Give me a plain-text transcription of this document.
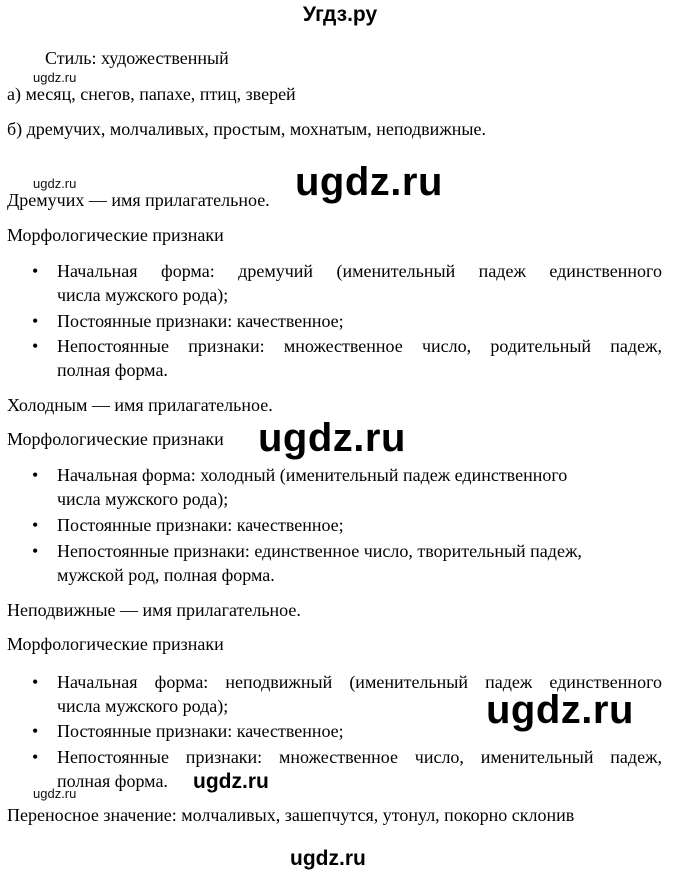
Угдз.ру
Стиль: художественный
ugdz.ru
а) месяц, снегов, папахе, птиц, зверей
б) дремучих, молчаливых, простым, мохнатым, неподвижные.
ugdz.ru	ugdz.ru
Дремучих — имя прилагательное.
Морфологические признаки
• Начальная форма: дремучий (именительный падеж единственного
числа мужского рода);
• Постоянные признаки: качественное;
• Непостоянные признаки: множественное число, родительный падеж,
полная форма.
Холодным — имя прилагательное.
Морфологические признаки ugdz.ru
• Начальная форма: холодный (именительный падеж единственного
числа мужского рода);
• Постоянные признаки: качественное;
• Непостоянные признаки: единственное число, творительный падеж,
мужской род, полная форма.
Неподвижные — имя прилагательное.
Морфологические признаки
• Начальная форма: неподвижный (именительный падеж единственного
числа мужского рода);	ugdz.ru
• Постоянные признаки: качественное;
• Непостоянные признаки: множественное число, именительный падеж,
полная форма. ugdz.ru
ugdz.ru
Переносное значение: молчаливых, зашепчутся, утонул, покорно склонив
ugdz.ru
